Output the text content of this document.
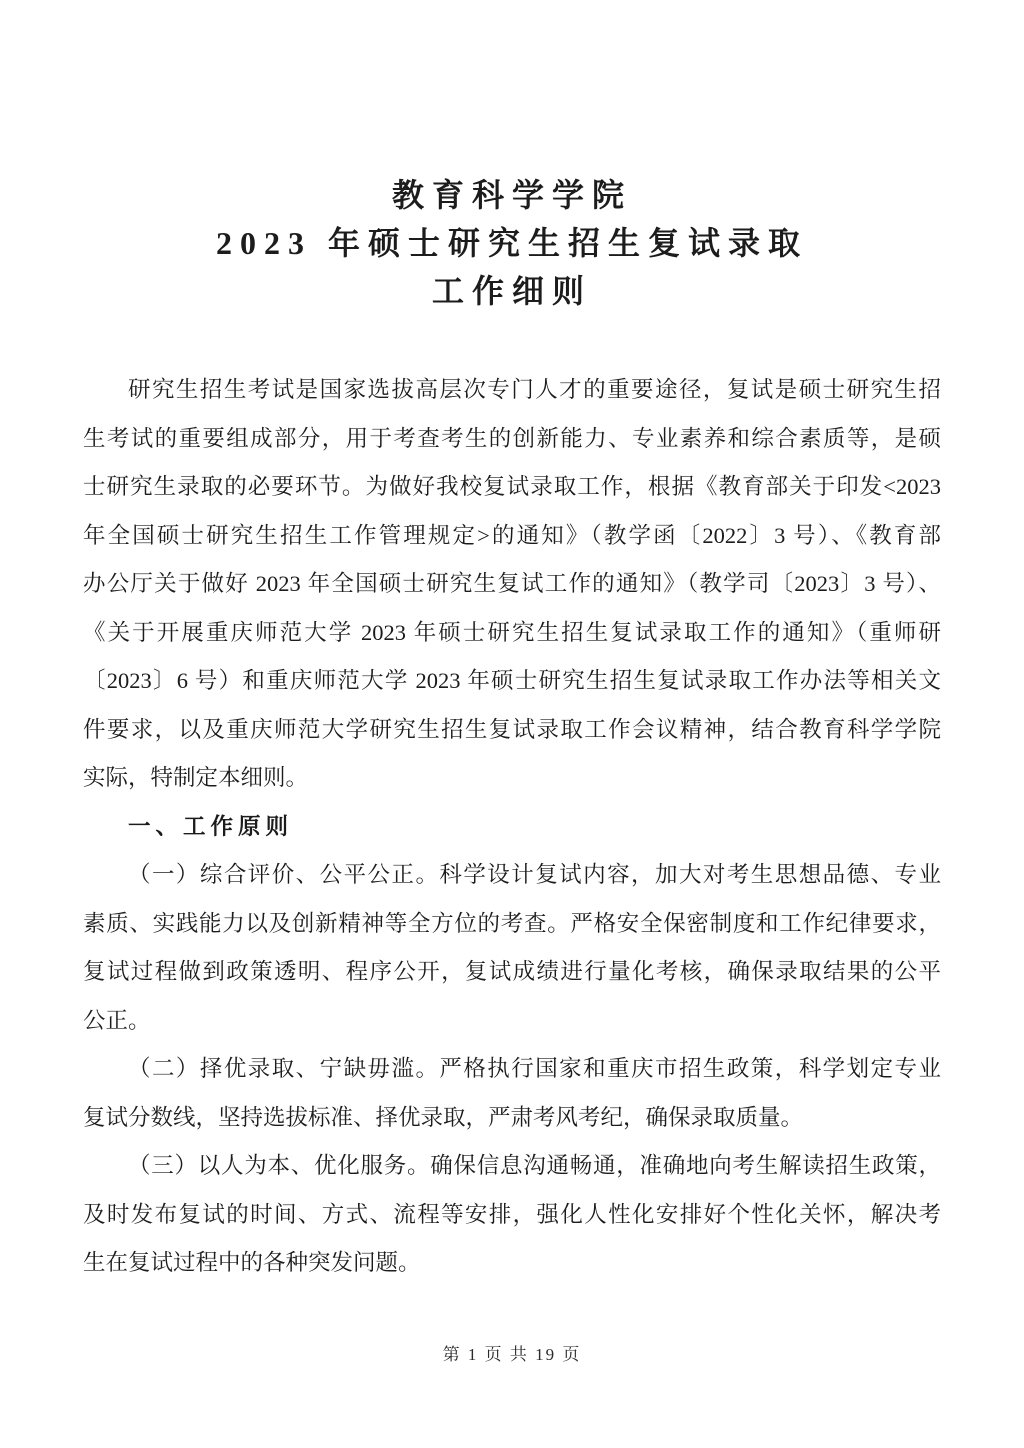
教育科学学院
2023 年硕士研究生招生复试录取
工作细则
研究生招生考试是国家选拔高层次专门人才的重要途径，复试是硕士研究生招
生考试的重要组成部分，用于考查考生的创新能力、专业素养和综合素质等，是硕
士研究生录取的必要环节。为做好我校复试录取工作，根据《教育部关于印发<2023
年全国硕士研究生招生工作管理规定>的通知》（教学函〔2022〕3 号）、《教育部
办公厅关于做好 2023 年全国硕士研究生复试工作的通知》（教学司〔2023〕3 号）、
《关于开展重庆师范大学 2023 年硕士研究生招生复试录取工作的通知》（重师研
〔2023〕6 号）和重庆师范大学 2023 年硕士研究生招生复试录取工作办法等相关文
件要求，以及重庆师范大学研究生招生复试录取工作会议精神，结合教育科学学院
实际，特制定本细则。
一、工作原则
（一）综合评价、公平公正。科学设计复试内容，加大对考生思想品德、专业
素质、实践能力以及创新精神等全方位的考查。严格安全保密制度和工作纪律要求，
复试过程做到政策透明、程序公开，复试成绩进行量化考核，确保录取结果的公平
公正。
（二）择优录取、宁缺毋滥。严格执行国家和重庆市招生政策，科学划定专业
复试分数线，坚持选拔标准、择优录取，严肃考风考纪，确保录取质量。
（三）以人为本、优化服务。确保信息沟通畅通，准确地向考生解读招生政策，
及时发布复试的时间、方式、流程等安排，强化人性化安排好个性化关怀，解决考
生在复试过程中的各种突发问题。
第 1 页 共 19 页
